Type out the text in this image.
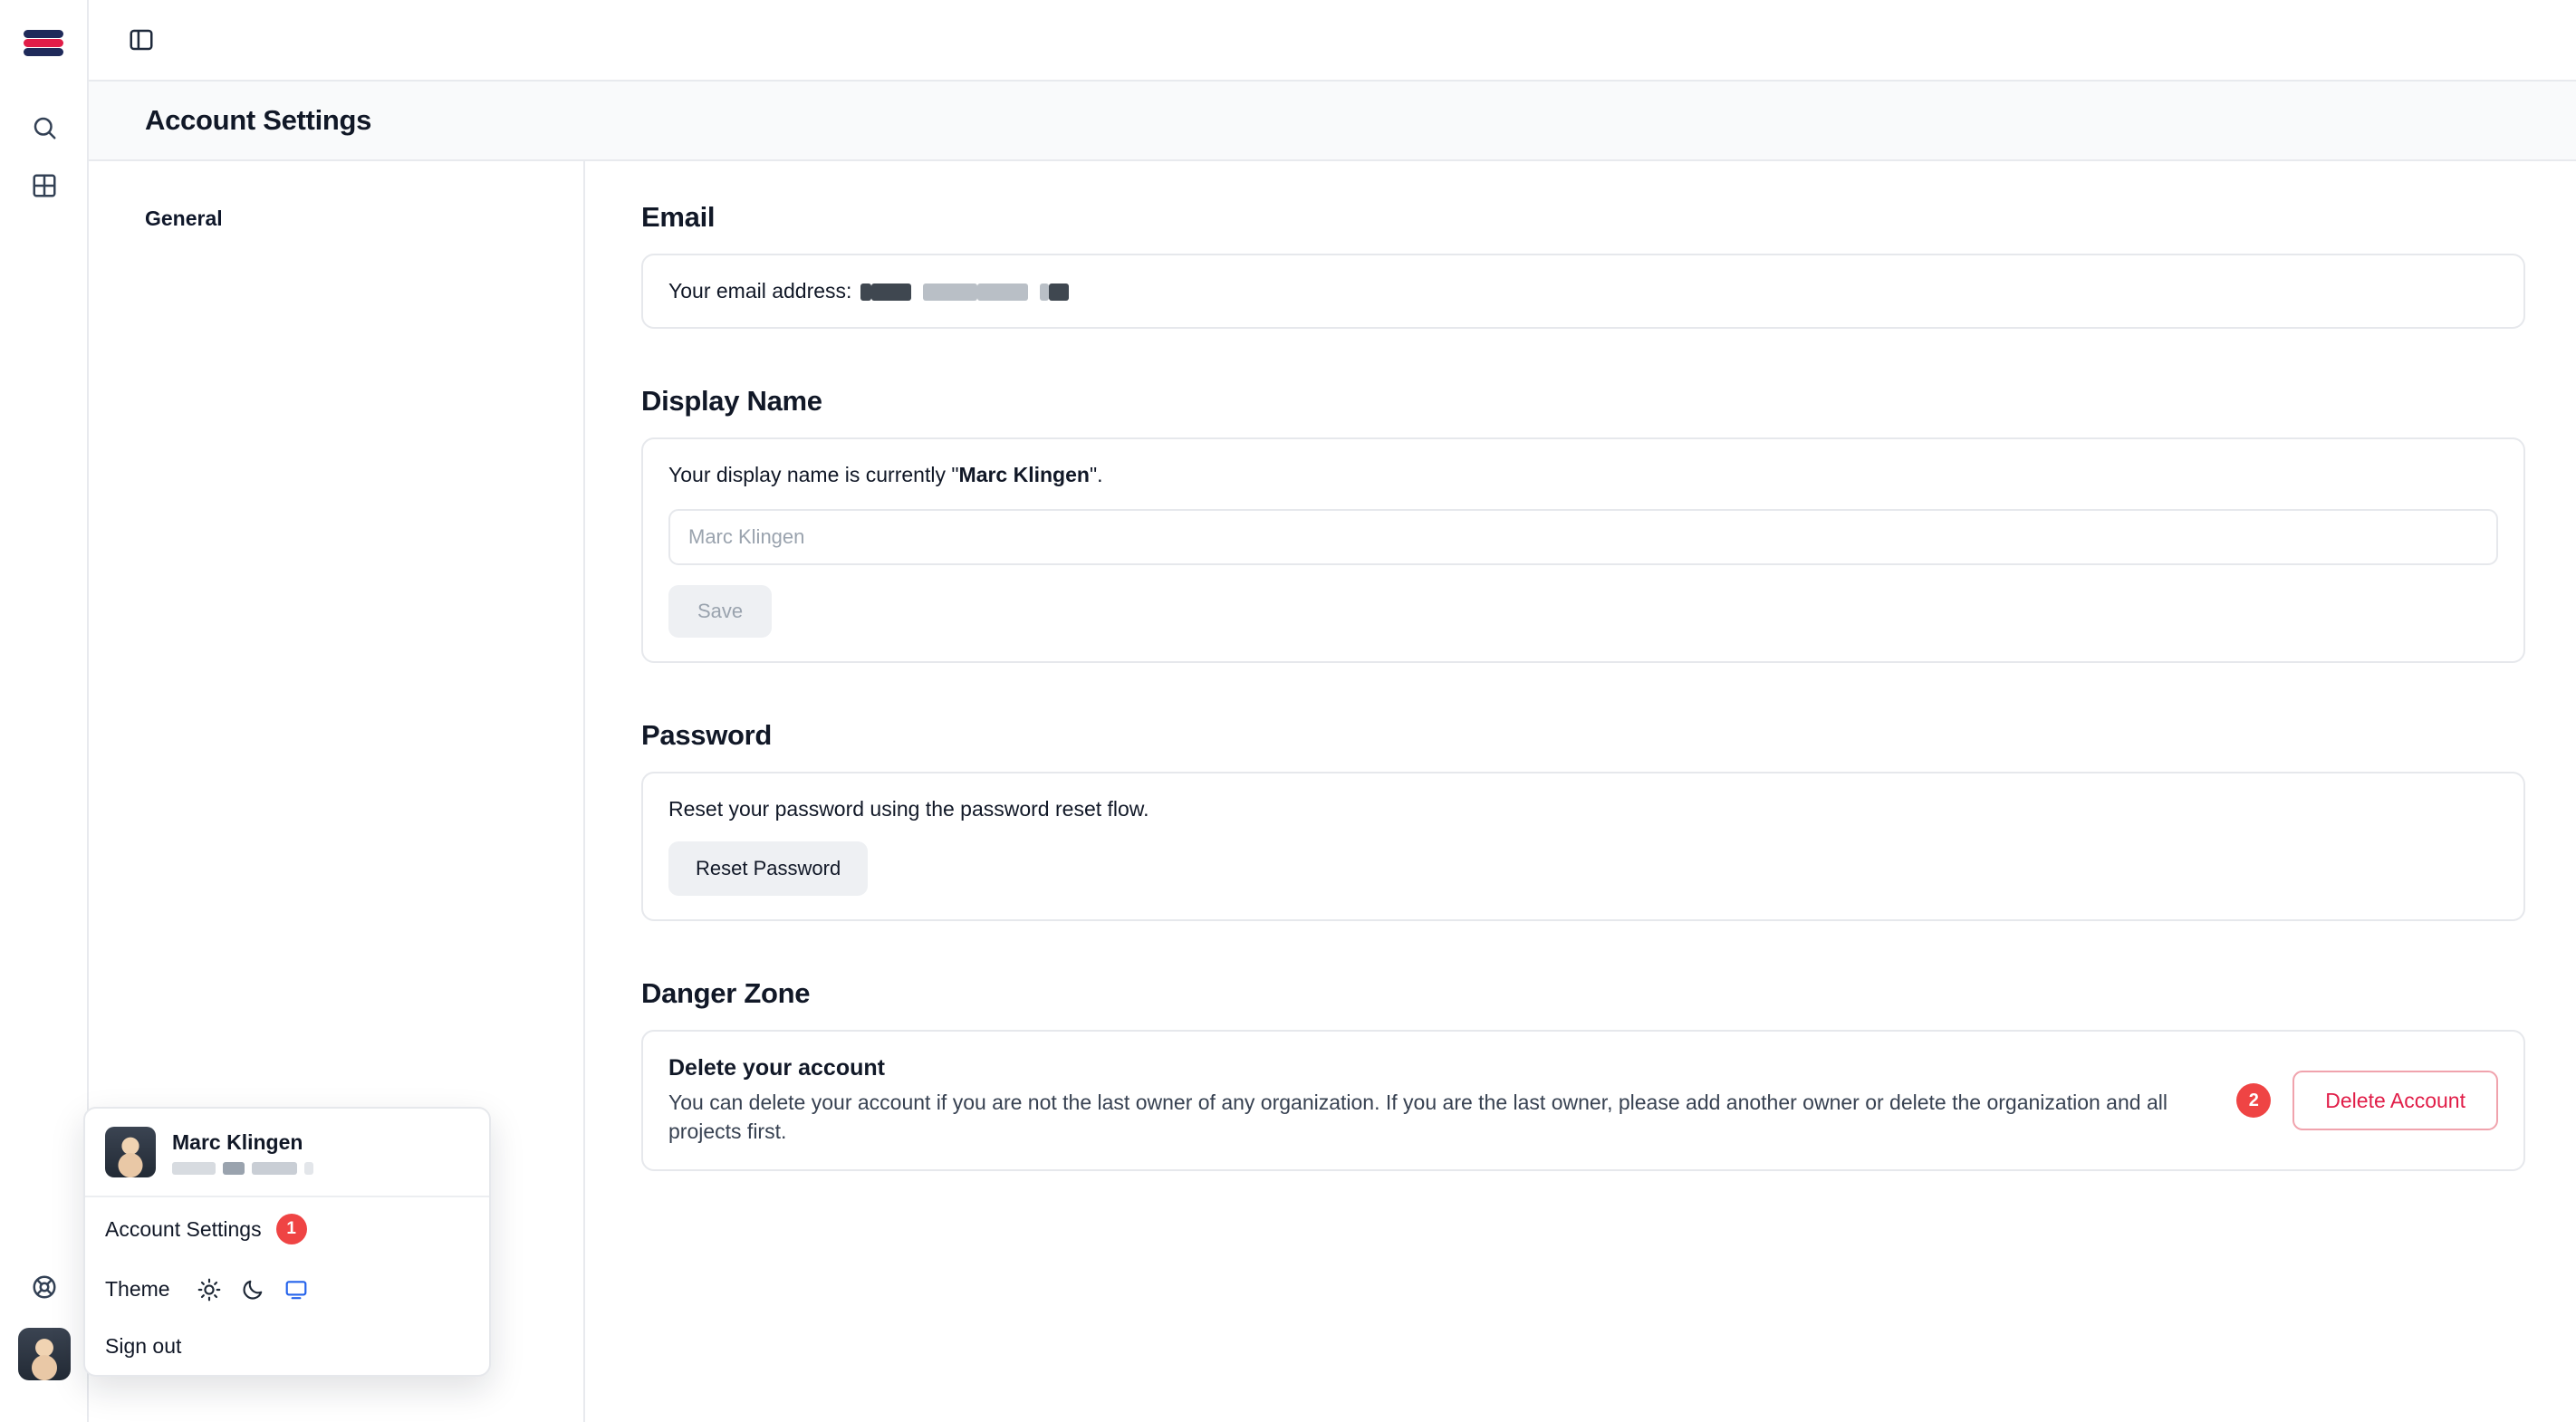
Account Settings
General	Email
Your email address:

Display Name
Your display name is currently "Marc Klingen".
Marc Klingen
Save
Password
Reset your password using the password reset flow.
Reset Password
Danger Zone
Delete your account
You can delete your account if you are not the last owner of any organization. If you are the last owner, please add another owner or delete the organization and all projects first.
2	Delete Account
Marc Klingen
Account Settings	1
Theme
Sign out
